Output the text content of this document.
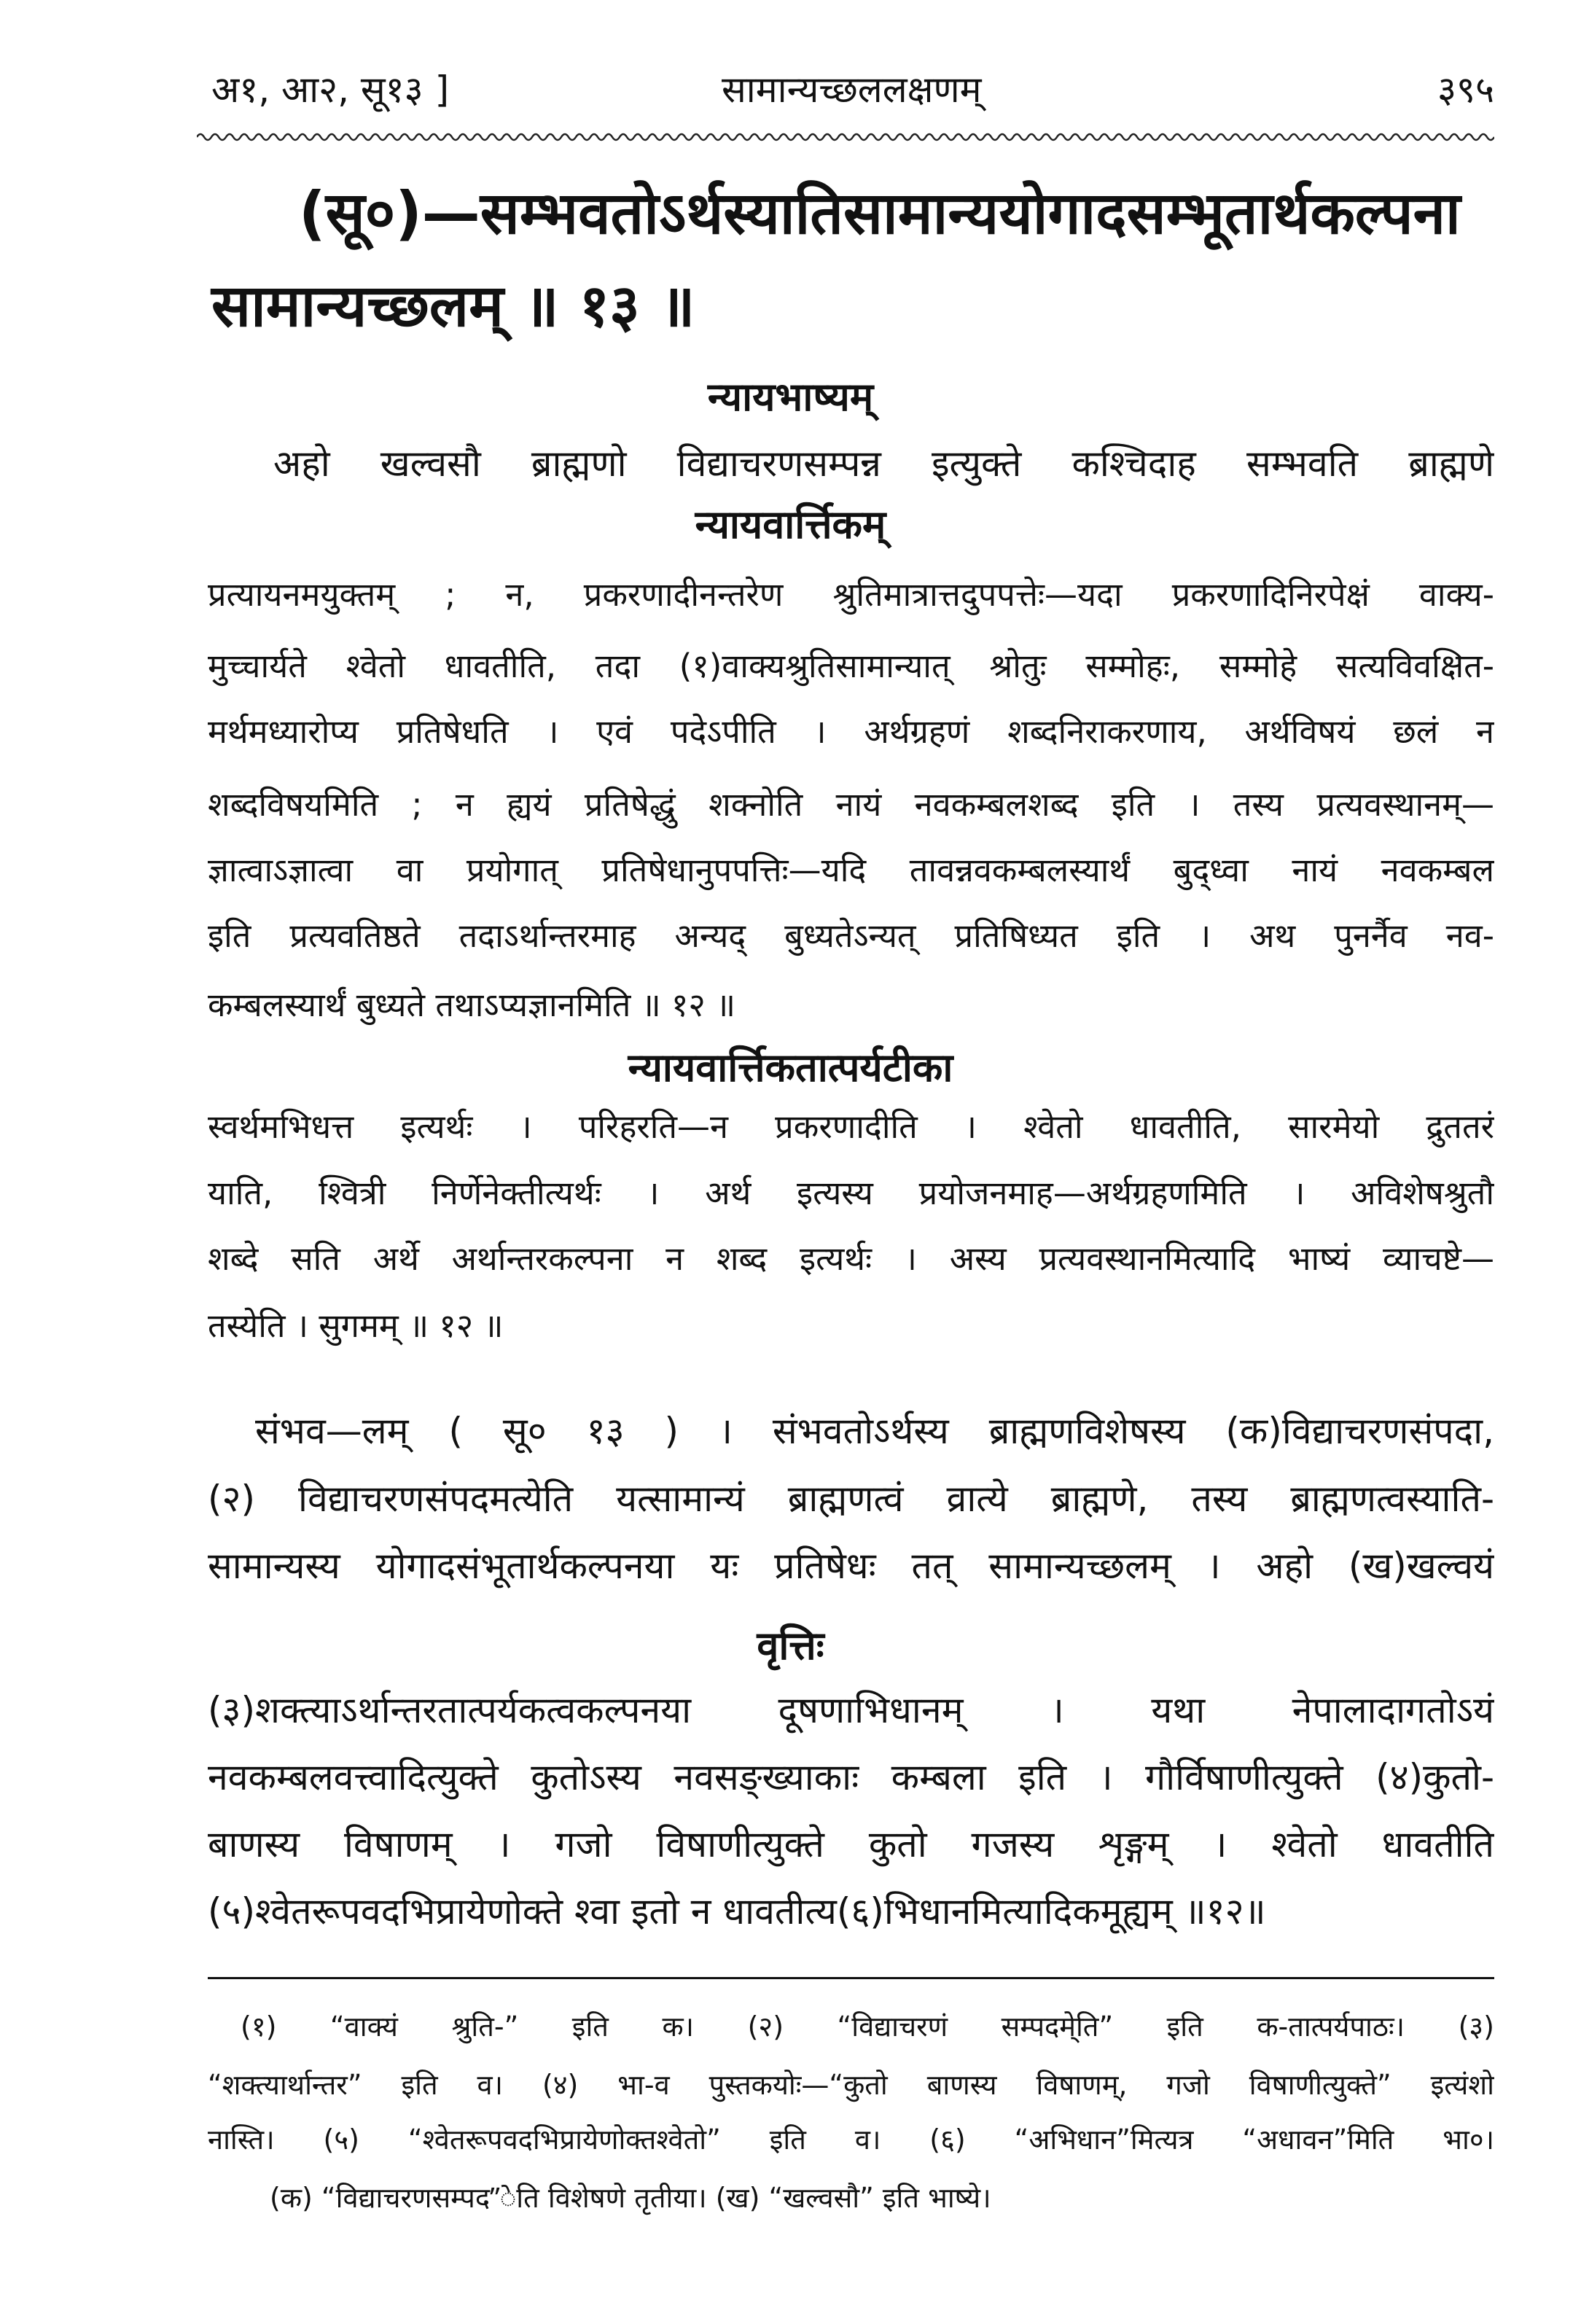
अ१, आ२, सू१३ ]	सामान्यच्छललक्षणम्	३९५
(सू०)—सम्भवतोऽर्थस्यातिसामान्ययोगादसम्भूतार्थकल्पना
सामान्यच्छलम् ॥ १३ ॥
न्यायभाष्यम्
अहो खल्वसौ ब्राह्मणो विद्याचरणसम्पन्न इत्युक्ते कश्चिदाह सम्भवति ब्राह्मणे
न्यायवार्त्तिकम्
प्रत्यायनमयुक्तम् ; न, प्रकरणादीनन्तरेण श्रुतिमात्रात्तदुपपत्तेः—यदा प्रकरणादिनिरपेक्षं वाक्य-
मुच्चार्यते श्वेतो धावतीति, तदा (१)वाक्यश्रुतिसामान्यात् श्रोतुः सम्मोहः, सम्मोहे सत्यविवक्षित-
मर्थमध्यारोप्य प्रतिषेधति । एवं पदेऽपीति । अर्थग्रहणं शब्दनिराकरणाय, अर्थविषयं छलं न
शब्दविषयमिति ; न ह्ययं प्रतिषेद्धुं शक्नोति नायं नवकम्बलशब्द इति । तस्य प्रत्यवस्थानम्—
ज्ञात्वाऽज्ञात्वा वा प्रयोगात् प्रतिषेधानुपपत्तिः—यदि तावन्नवकम्बलस्यार्थं बुद्ध्वा नायं नवकम्बल
इति प्रत्यवतिष्ठते तदाऽर्थान्तरमाह अन्यद् बुध्यतेऽन्यत् प्रतिषिध्यत इति । अथ पुनर्नैव नव-
कम्बलस्यार्थं बुध्यते तथाऽप्यज्ञानमिति ॥ १२ ॥
न्यायवार्त्तिकतात्पर्यटीका
स्वर्थमभिधत्त इत्यर्थः । परिहरति—न प्रकरणादीति । श्वेतो धावतीति, सारमेयो द्रुततरं
याति, श्वित्री निर्णेनेक्तीत्यर्थः । अर्थ इत्यस्य प्रयोजनमाह—अर्थग्रहणमिति । अविशेषश्रुतौ
शब्दे सति अर्थे अर्थान्तरकल्पना न शब्द इत्यर्थः । अस्य प्रत्यवस्थानमित्यादि भाष्यं व्याचष्टे—
तस्येति । सुगमम् ॥ १२ ॥
संभव—लम् ( सू० १३ ) । संभवतोऽर्थस्य ब्राह्मणविशेषस्य (क)विद्याचरणसंपदा,
(२) विद्याचरणसंपदमत्येति यत्सामान्यं ब्राह्मणत्वं व्रात्ये ब्राह्मणे, तस्य ब्राह्मणत्वस्याति-
सामान्यस्य योगादसंभूतार्थकल्पनया यः प्रतिषेधः तत् सामान्यच्छलम् । अहो (ख)खल्वयं
वृत्तिः
(३)शक्त्याऽर्थान्तरतात्पर्यकत्वकल्पनया दूषणाभिधानम् । यथा नेपालादागतोऽयं
नवकम्बलवत्त्वादित्युक्ते कुतोऽस्य नवसङ्ख्याकाः कम्बला इति । गौर्विषाणीत्युक्ते (४)कुतो-
बाणस्य विषाणम् । गजो विषाणीत्युक्ते कुतो गजस्य शृङ्गम् । श्वेतो धावतीति
(५)श्वेतरूपवदभिप्रायेणोक्ते श्वा इतो न धावतीत्य(६)भिधानमित्यादिकमूह्यम् ॥१२॥
(१) “वाक्यं श्रुति-” इति क। (२) “विद्याचरणं सम्पदमे्ति” इति क-तात्पर्यपाठः। (३)
“शक्त्यार्थान्तर” इति व। (४) भा-व पुस्तकयोः—“कुतो बाणस्य विषाणम्, गजो विषाणीत्युक्ते” इत्यंशो
नास्ति। (५) “श्वेतरूपवदभिप्रायेणोक्तश्वेतो” इति व। (६) “अभिधान”मित्यत्र “अधावन”मिति भा०।
(क) “विद्याचरणसम्पद”ेति विशेषणे तृतीया। (ख) “खल्वसौ” इति भाष्ये।
